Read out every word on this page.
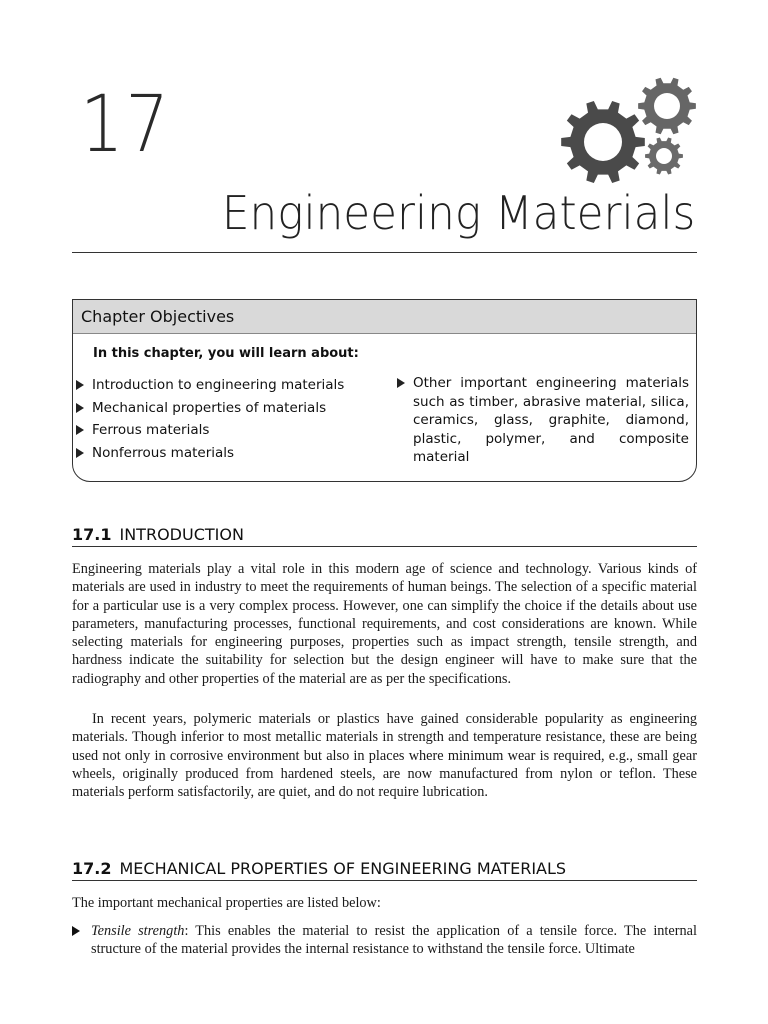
17
Engineering Materials
Chapter Objectives
In this chapter, you will learn about:
Introduction to engineering materials
Mechanical properties of materials
Ferrous materials
Nonferrous materials
Other important engineering materials such as timber, abrasive material, silica, ceramics, glass, graphite, diamond, plastic, polymer, and composite material
17.1 INTRODUCTION

Engineering materials play a vital role in this modern age of science and technology. Various kinds of materials are used in industry to meet the requirements of human beings. The selection of a specific material for a particular use is a very complex process. However, one can simplify the choice if the details about use parameters, manufacturing processes, functional requirements, and cost considerations are known. While selecting materials for engineering purposes, properties such as impact strength, tensile strength, and hardness indicate the suitability for selection but the design engineer will have to make sure that the radiography and other properties of the material are as per the specifications.

In recent years, polymeric materials or plastics have gained considerable popularity as engineering materials. Though inferior to most metallic materials in strength and temperature resistance, these are being used not only in corrosive environment but also in places where minimum wear is required, e.g., small gear wheels, originally produced from hardened steels, are now manufactured from nylon or teflon. These materials perform satisfactorily, are quiet, and do not require lubrication.

17.2 MECHANICAL PROPERTIES OF ENGINEERING MATERIALS

The important mechanical properties are listed below:

Tensile strength: This enables the material to resist the application of a tensile force. The internal structure of the material provides the internal resistance to withstand the tensile force. Ultimate
